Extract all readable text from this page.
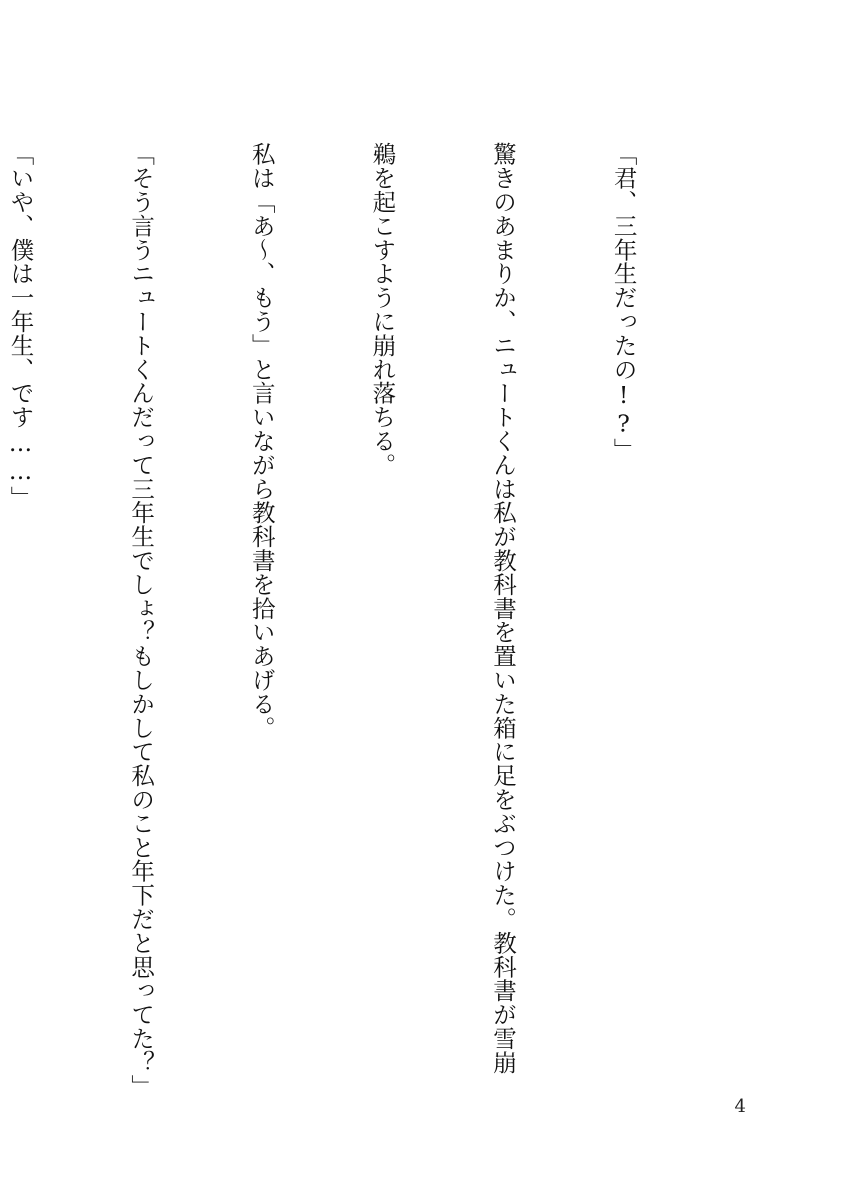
「君、三年生だったの!?」

驚きのあまりか、ニュートくんは私が教科書を置いた箱に足をぶつけた。教科書が雪崩

鵜を起こすように崩れ落ちる。

私は「あ〜、もう」と言いながら教科書を拾いあげる。

「そう言うニュートくんだって三年生でしょ？もしかして私のこと年下だと思ってた？」

「いや、僕は一年生、です……」

4
